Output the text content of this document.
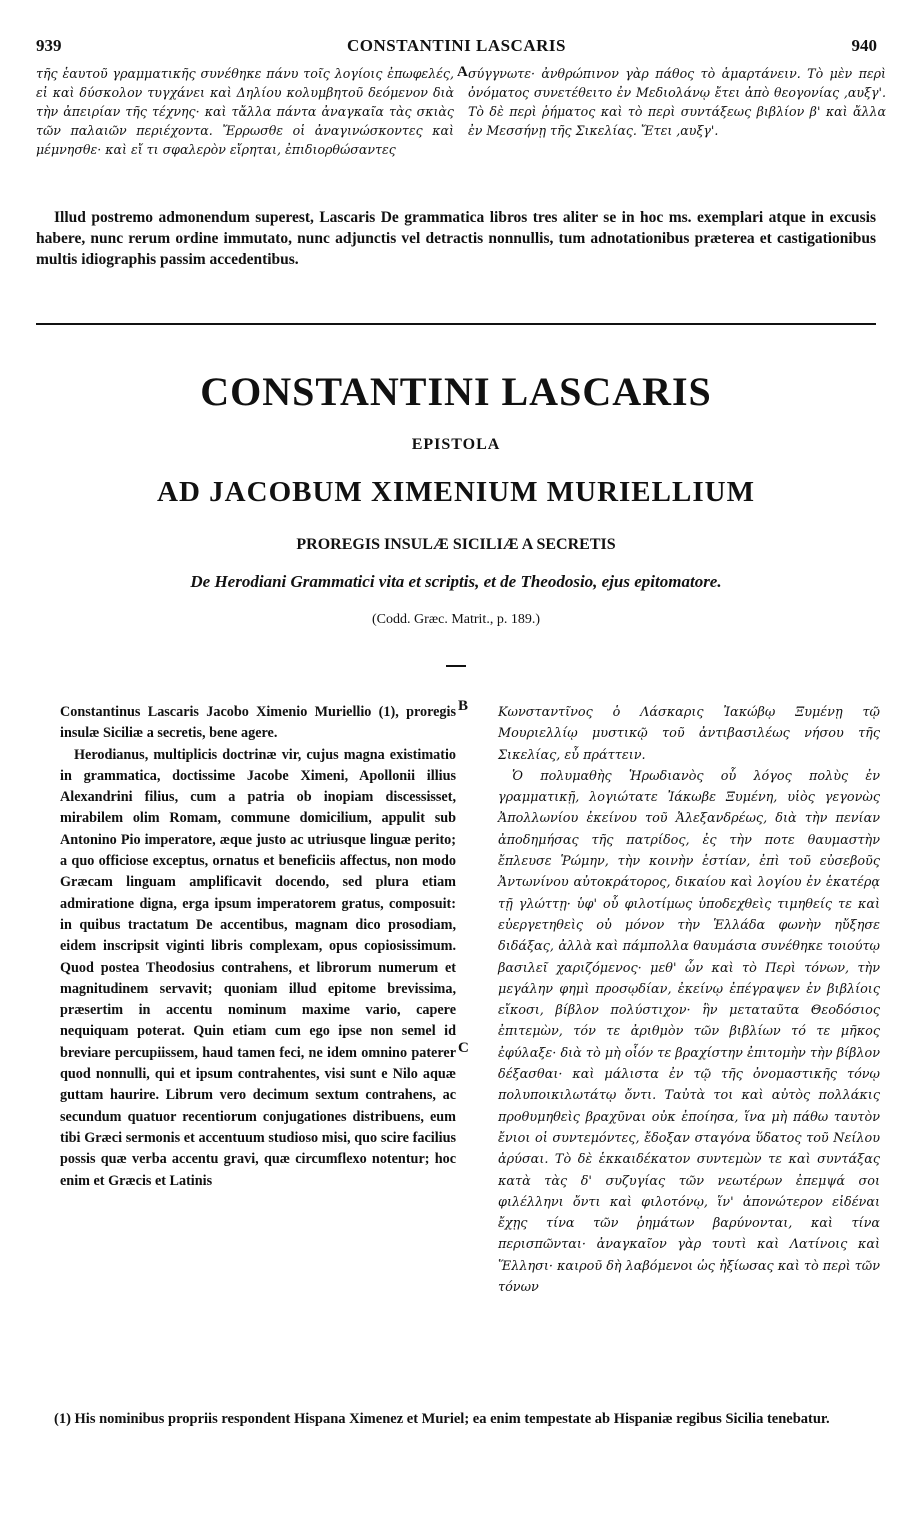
939	CONSTANTINI LASCARIS	940
τῆς ἑαυτοῦ γραμματικῆς συνέθηκε πάνυ τοῖς λογίοις ἐπωφελές, εἰ καὶ δύσκολον τυγχάνει καὶ Δηλίου κολυμβητοῦ δεόμενον διὰ τὴν ἀπειρίαν τῆς τέχνης· καὶ τἄλλα πάντα ἀναγκαῖα τὰς σκιὰς τῶν παλαιῶν περιέχοντα. Ἔρρωσθε οἱ ἀναγινώσκοντες καὶ μέμνησθε· καὶ εἴ τι σφαλερὸν εἴρηται, ἐπιδιορθώσαντες
A σύγγνωτε· ἀνθρώπινον γὰρ πάθος τὸ ἁμαρτάνειν. Τὸ μὲν περὶ ὀνόματος συνετέθειτο ἐν Μεδιολάνῳ ἔτει ἀπὸ θεογονίας ,αυξγ'. Τὸ δὲ περὶ ῥήματος καὶ τὸ περὶ συντάξεως βιβλίον β' καὶ ἄλλα ἐν Μεσσήνῃ τῆς Σικελίας. Ἔτει ,αυξγ'.
Illud postremo admonendum superest, Lascaris De grammatica libros tres aliter se in hoc ms. exemplari atque in excusis habere, nunc rerum ordine immutato, nunc adjunctis vel detractis nonnullis, tum adnotationibus præterea et castigationibus multis idiographis passim accedentibus.
CONSTANTINI LASCARIS
EPISTOLA
AD JACOBUM XIMENIUM MURIELLIUM
PROREGIS INSULÆ SICILIÆ A SECRETIS
De Herodiani Grammatici vita et scriptis, et de Theodosio, ejus epitomatore.
(Codd. Græc. Matrit., p. 189.)

Constantinus Lascaris Jacobo Ximenio Muriellio (1), proregis insulæ Siciliæ a secretis, bene agere.

Herodianus, multiplicis doctrinæ vir, cujus magna existimatio in grammatica, doctissime Jacobe Ximeni, Apollonii illius Alexandrini filius, cum a patria ob inopiam discessisset, mirabilem olim Romam, commune domicilium, appulit sub Antonino Pio imperatore, æque justo ac utriusque linguæ perito; a quo officiose exceptus, ornatus et beneficiis affectus, non modo Græcam linguam amplificavit docendo, sed plura etiam admiratione digna, erga ipsum imperatorem gratus, composuit: in quibus tractatum De accentibus, magnam dico prosodiam, eidem inscripsit viginti libris complexam, opus copiosissimum. Quod postea Theodosius contrahens, et librorum numerum et magnitudinem servavit; quoniam illud epitome brevissima, præsertim in accentu nominum maxime vario, capere nequiquam poterat. Quin etiam cum ego ipse non semel id breviare percupiissem, haud tamen feci, ne idem omnino paterer quod nonnulli, qui et ipsum contrahentes, visi sunt e Nilo aquæ guttam haurire. Librum vero decimum sextum contrahens, ac secundum quatuor recentiorum conjugationes distribuens, eum tibi Græci sermonis et accentuum studioso misi, quo scire facilius possis quæ verba accentu gravi, quæ circumflexo notentur; hoc enim et Græcis et Latinis

B
C

Κωνσταντῖνος ὁ Λάσκαρις Ἰακώβῳ Ξυμένῃ τῷ Μουριελλίῳ μυστικῷ τοῦ ἀντιβασιλέως νήσου τῆς Σικελίας, εὖ πράττειν.

Ὁ πολυμαθὴς Ἡρωδιανὸς οὗ λόγος πολὺς ἐν γραμματικῇ, λογιώτατε Ἰάκωβε Ξυμένη, υἱὸς γεγονὼς Ἀπολλωνίου ἐκείνου τοῦ Ἀλεξανδρέως, διὰ τὴν πενίαν ἀποδημήσας τῆς πατρίδος, ἐς τὴν ποτε θαυμαστὴν ἔπλευσε Ῥώμην, τὴν κοινὴν ἑστίαν, ἐπὶ τοῦ εὐσεβοῦς Ἀντωνίνου αὐτοκράτορος, δικαίου καὶ λογίου ἐν ἑκατέρᾳ τῇ γλώττῃ· ὑφ' οὗ φιλοτίμως ὑποδεχθεὶς τιμηθείς τε καὶ εὐεργετηθεὶς οὐ μόνον τὴν Ἑλλάδα φωνὴν ηὔξησε διδάξας, ἀλλὰ καὶ πάμπολλα θαυμάσια συνέθηκε τοιούτῳ βασιλεῖ χαριζόμενος· μεθ' ὧν καὶ τὸ Περὶ τόνων, τὴν μεγάλην φημὶ προσῳδίαν, ἐκείνῳ ἐπέγραψεν ἐν βιβλίοις εἴκοσι, βίβλον πολύστιχον· ἣν μεταταῦτα Θεοδόσιος ἐπιτεμὼν, τόν τε ἀριθμὸν τῶν βιβλίων τό τε μῆκος ἐφύλαξε· διὰ τὸ μὴ οἷόν τε βραχίστην ἐπιτομὴν τὴν βίβλον δέξασθαι· καὶ μάλιστα ἐν τῷ τῆς ὀνομαστικῆς τόνῳ πολυποικιλωτάτῳ ὄντι. Ταὐτὰ τοι καὶ αὐτὸς πολλάκις προθυμηθεὶς βραχῦναι οὐκ ἐποίησα, ἵνα μὴ πάθω ταυτὸν ἔνιοι οἱ συντεμόντες, ἔδοξαν σταγόνα ὕδατος τοῦ Νείλου ἀρύσαι. Τὸ δὲ ἑκκαιδέκατον συντεμὼν τε καὶ συντάξας κατὰ τὰς δ' συζυγίας τῶν νεωτέρων ἐπεμψά σοι φιλέλληνι ὄντι καὶ φιλοτόνῳ, ἵν' ἀπονώτερον εἰδέναι ἔχῃς τίνα τῶν ῥημάτων βαρύνονται, καὶ τίνα περισπῶνται· ἀναγκαῖον γὰρ τουτὶ καὶ Λατίνοις καὶ Ἕλλησι· καιροῦ δὴ λαβόμενοι ὡς ἠξίωσας καὶ τὸ περὶ τῶν τόνων

(1) His nominibus propriis respondent Hispana Ximenez et Muriel; ea enim tempestate ab Hispaniæ regibus Sicilia tenebatur.
